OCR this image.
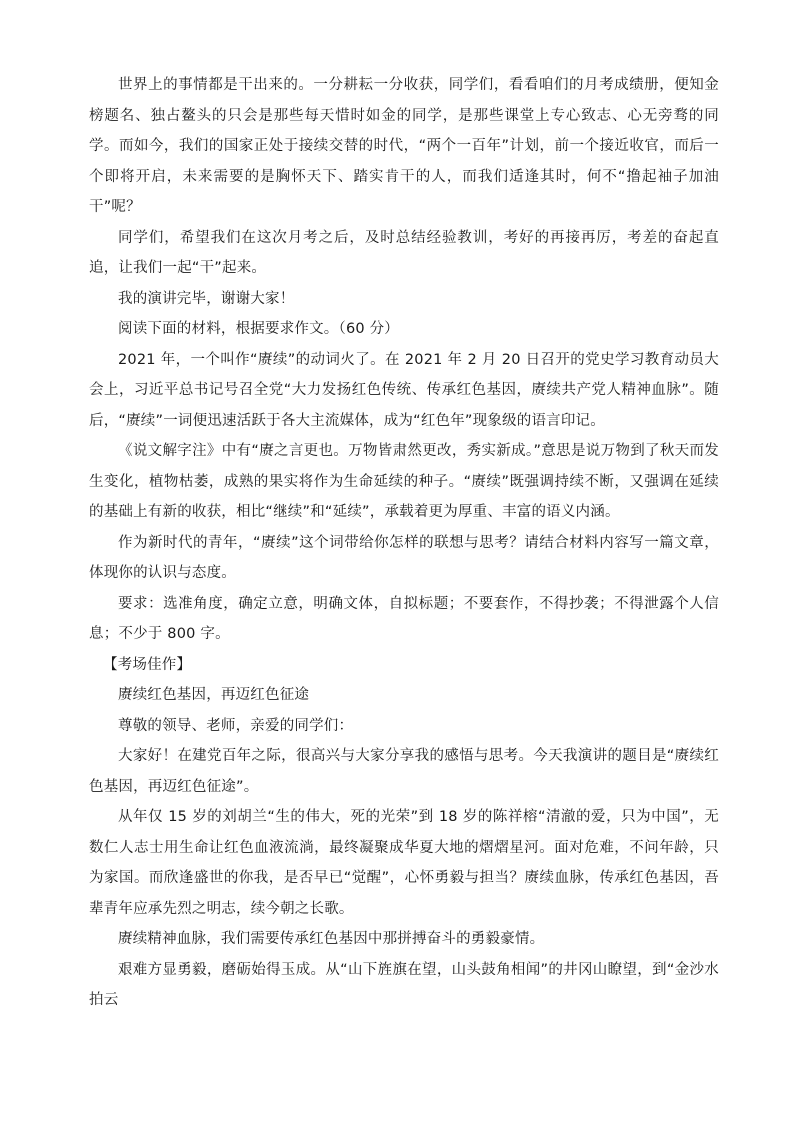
世界上的事情都是干出来的。一分耕耘一分收获，同学们，看看咱们的月考成绩册，便知金榜题名、独占鳌头的只会是那些每天惜时如金的同学，是那些课堂上专心致志、心无旁骛的同学。而如今，我们的国家正处于接续交替的时代，“两个一百年”计划，前一个接近收官，而后一个即将开启，未来需要的是胸怀天下、踏实肯干的人，而我们适逢其时，何不“撸起袖子加油干”呢？

同学们，希望我们在这次月考之后，及时总结经验教训，考好的再接再厉，考差的奋起直追，让我们一起“干”起来。

我的演讲完毕，谢谢大家！

阅读下面的材料，根据要求作文。（60 分）

2021 年，一个叫作“赓续”的动词火了。在 2021 年 2 月 20 日召开的党史学习教育动员大会上，习近平总书记号召全党“大力发扬红色传统、传承红色基因，赓续共产党人精神血脉”。随后，“赓续”一词便迅速活跃于各大主流媒体，成为“红色年”现象级的语言印记。

《说文解字注》中有“赓之言更也。万物皆肃然更改，秀实新成。”意思是说万物到了秋天而发生变化，植物枯萎，成熟的果实将作为生命延续的种子。“赓续”既强调持续不断，又强调在延续的基础上有新的收获，相比“继续”和“延续”，承载着更为厚重、丰富的语义内涵。

作为新时代的青年，“赓续”这个词带给你怎样的联想与思考？请结合材料内容写一篇文章，体现你的认识与态度。

要求：选准角度，确定立意，明确文体，自拟标题；不要套作，不得抄袭；不得泄露个人信息；不少于 800 字。

【考场佳作】

赓续红色基因，再迈红色征途

尊敬的领导、老师，亲爱的同学们：

大家好！在建党百年之际，很高兴与大家分享我的感悟与思考。今天我演讲的题目是“赓续红色基因，再迈红色征途”。

从年仅 15 岁的刘胡兰“生的伟大，死的光荣”到 18 岁的陈祥榕“清澈的爱，只为中国”，无数仁人志士用生命让红色血液流淌，最终凝聚成华夏大地的熠熠星河。面对危难，不问年龄，只为家国。而欣逢盛世的你我，是否早已“觉醒”，心怀勇毅与担当？赓续血脉，传承红色基因，吾辈青年应承先烈之明志，续今朝之长歌。

赓续精神血脉，我们需要传承红色基因中那拼搏奋斗的勇毅豪情。

艰难方显勇毅，磨砺始得玉成。从“山下旌旗在望，山头鼓角相闻”的井冈山瞭望，到“金沙水拍云
